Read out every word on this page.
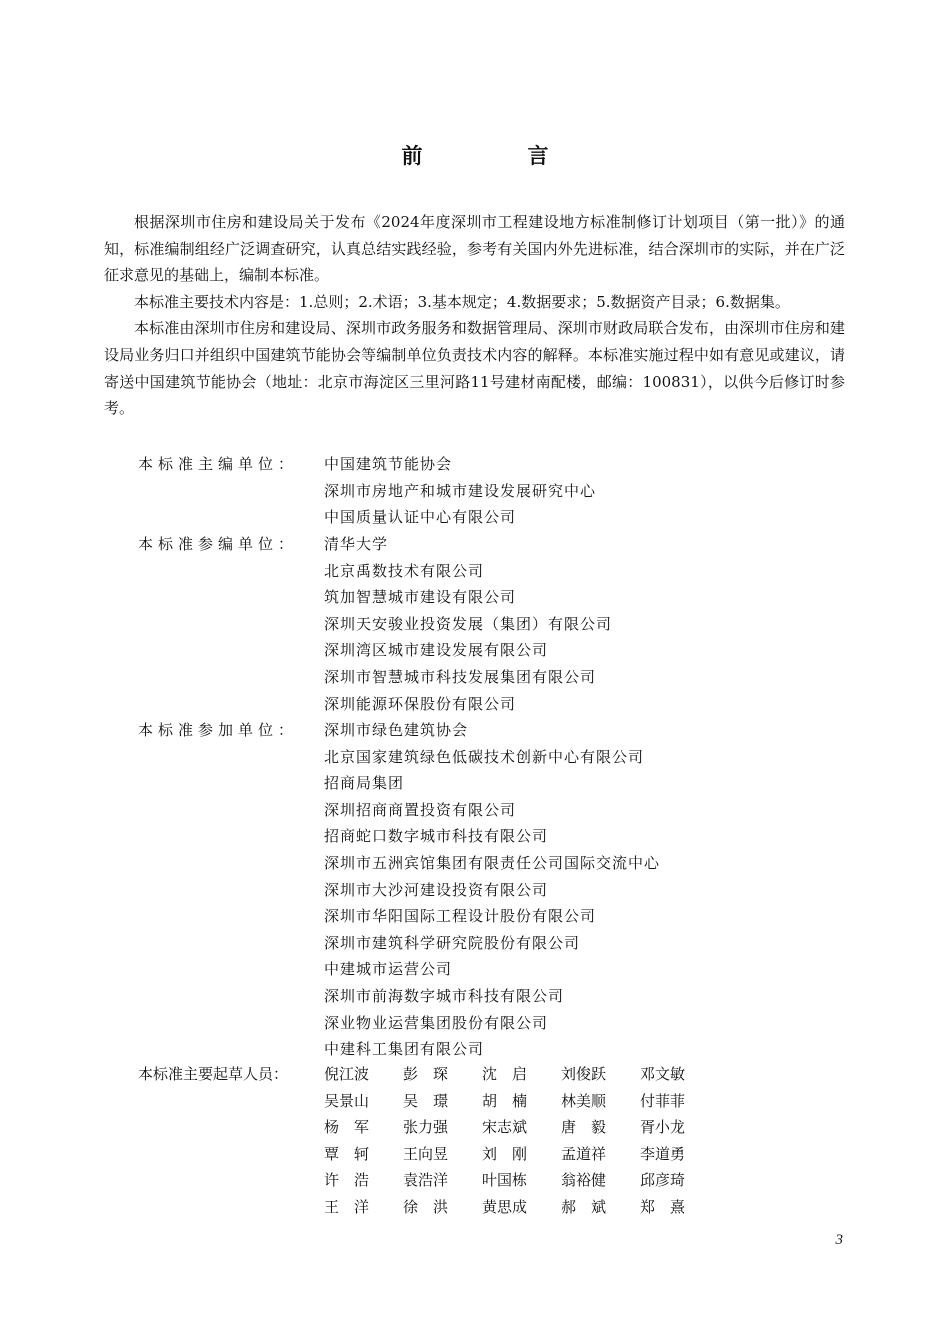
前　言

根据深圳市住房和建设局关于发布《2024年度深圳市工程建设地方标准制修订计划项目（第一批）》的通知，标准编制组经广泛调查研究，认真总结实践经验，参考有关国内外先进标准，结合深圳市的实际，并在广泛征求意见的基础上，编制本标准。

本标准主要技术内容是：1.总则；2.术语；3.基本规定；4.数据要求；5.数据资产目录；6.数据集。

本标准由深圳市住房和建设局、深圳市政务服务和数据管理局、深圳市财政局联合发布，由深圳市住房和建设局业务归口并组织中国建筑节能协会等编制单位负责技术内容的解释。本标准实施过程中如有意见或建议，请寄送中国建筑节能协会（地址：北京市海淀区三里河路11号建材南配楼，邮编：100831），以供今后修订时参考。

本标准主编单位：	中国建筑节能协会
深圳市房地产和城市建设发展研究中心
中国质量认证中心有限公司
本标准参编单位：	清华大学
北京禹数技术有限公司
筑加智慧城市建设有限公司
深圳天安骏业投资发展（集团）有限公司
深圳湾区城市建设发展有限公司
深圳市智慧城市科技发展集团有限公司
深圳能源环保股份有限公司
本标准参加单位：	深圳市绿色建筑协会
北京国家建筑绿色低碳技术创新中心有限公司
招商局集团
深圳招商商置投资有限公司
招商蛇口数字城市科技有限公司
深圳市五洲宾馆集团有限责任公司国际交流中心
深圳市大沙河建设投资有限公司
深圳市华阳国际工程设计股份有限公司
深圳市建筑科学研究院股份有限公司
中建城市运营公司
深圳市前海数字城市科技有限公司
深业物业运营集团股份有限公司
中建科工集团有限公司
本标准主要起草人员： 倪江波	彭　琛	沈　启	刘俊跃	邓文敏
吴景山	吴　璟	胡　楠	林美顺	付菲菲
杨　军	张力强	宋志斌	唐　毅	胥小龙
覃　轲	王向昱	刘　刚	孟道祥	李道勇
许　浩	袁浩洋	叶国栋	翁裕健	邱彦琦
王　洋	徐　洪	黄思成	郝　斌	郑　熹
3
